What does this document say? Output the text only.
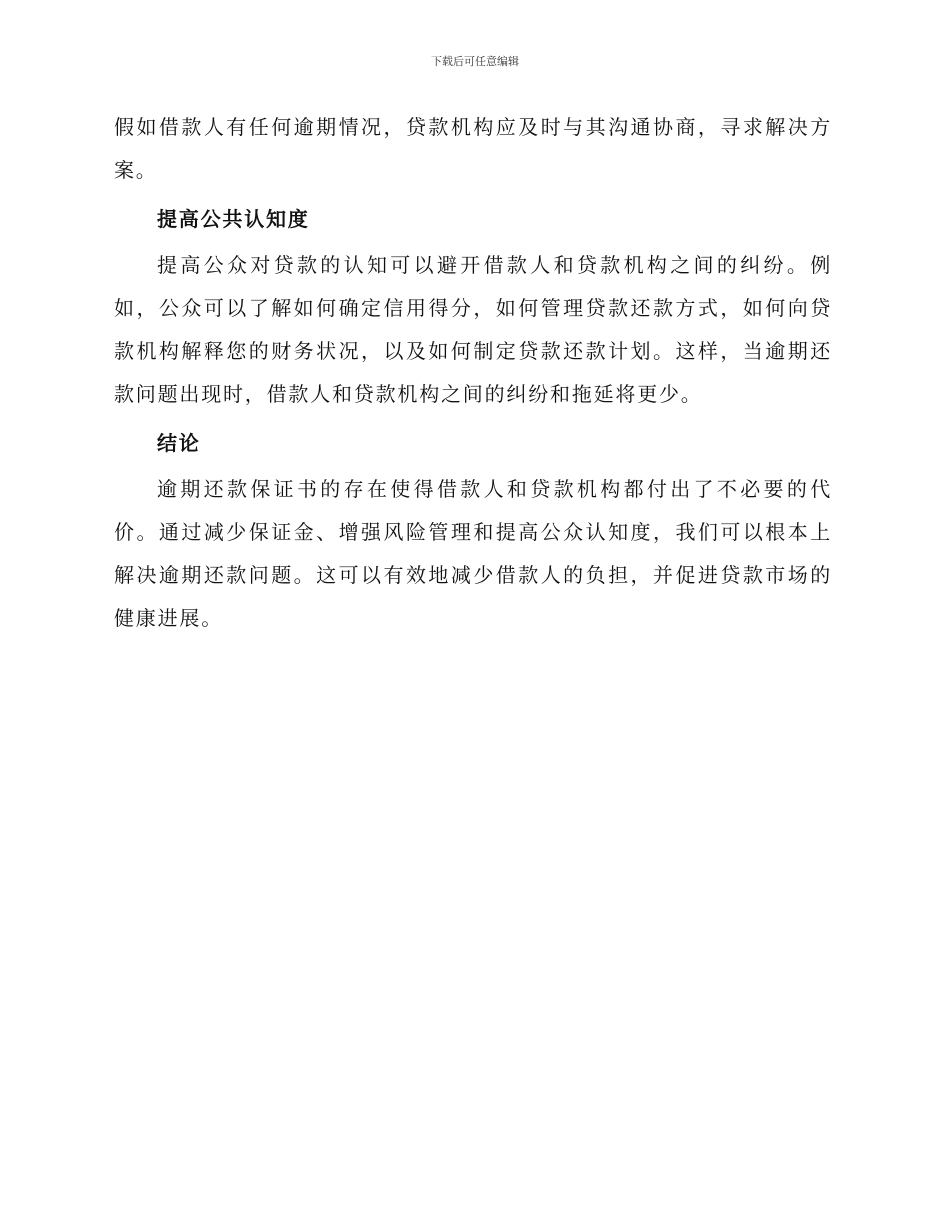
下载后可任意编辑

假如借款人有任何逾期情况，贷款机构应及时与其沟通协商，寻求解决方案。

提高公共认知度

提高公众对贷款的认知可以避开借款人和贷款机构之间的纠纷。例如，公众可以了解如何确定信用得分，如何管理贷款还款方式，如何向贷款机构解释您的财务状况，以及如何制定贷款还款计划。这样，当逾期还款问题出现时，借款人和贷款机构之间的纠纷和拖延将更少。

结论

逾期还款保证书的存在使得借款人和贷款机构都付出了不必要的代价。通过减少保证金、增强风险管理和提高公众认知度，我们可以根本上解决逾期还款问题。这可以有效地减少借款人的负担，并促进贷款市场的健康进展。
